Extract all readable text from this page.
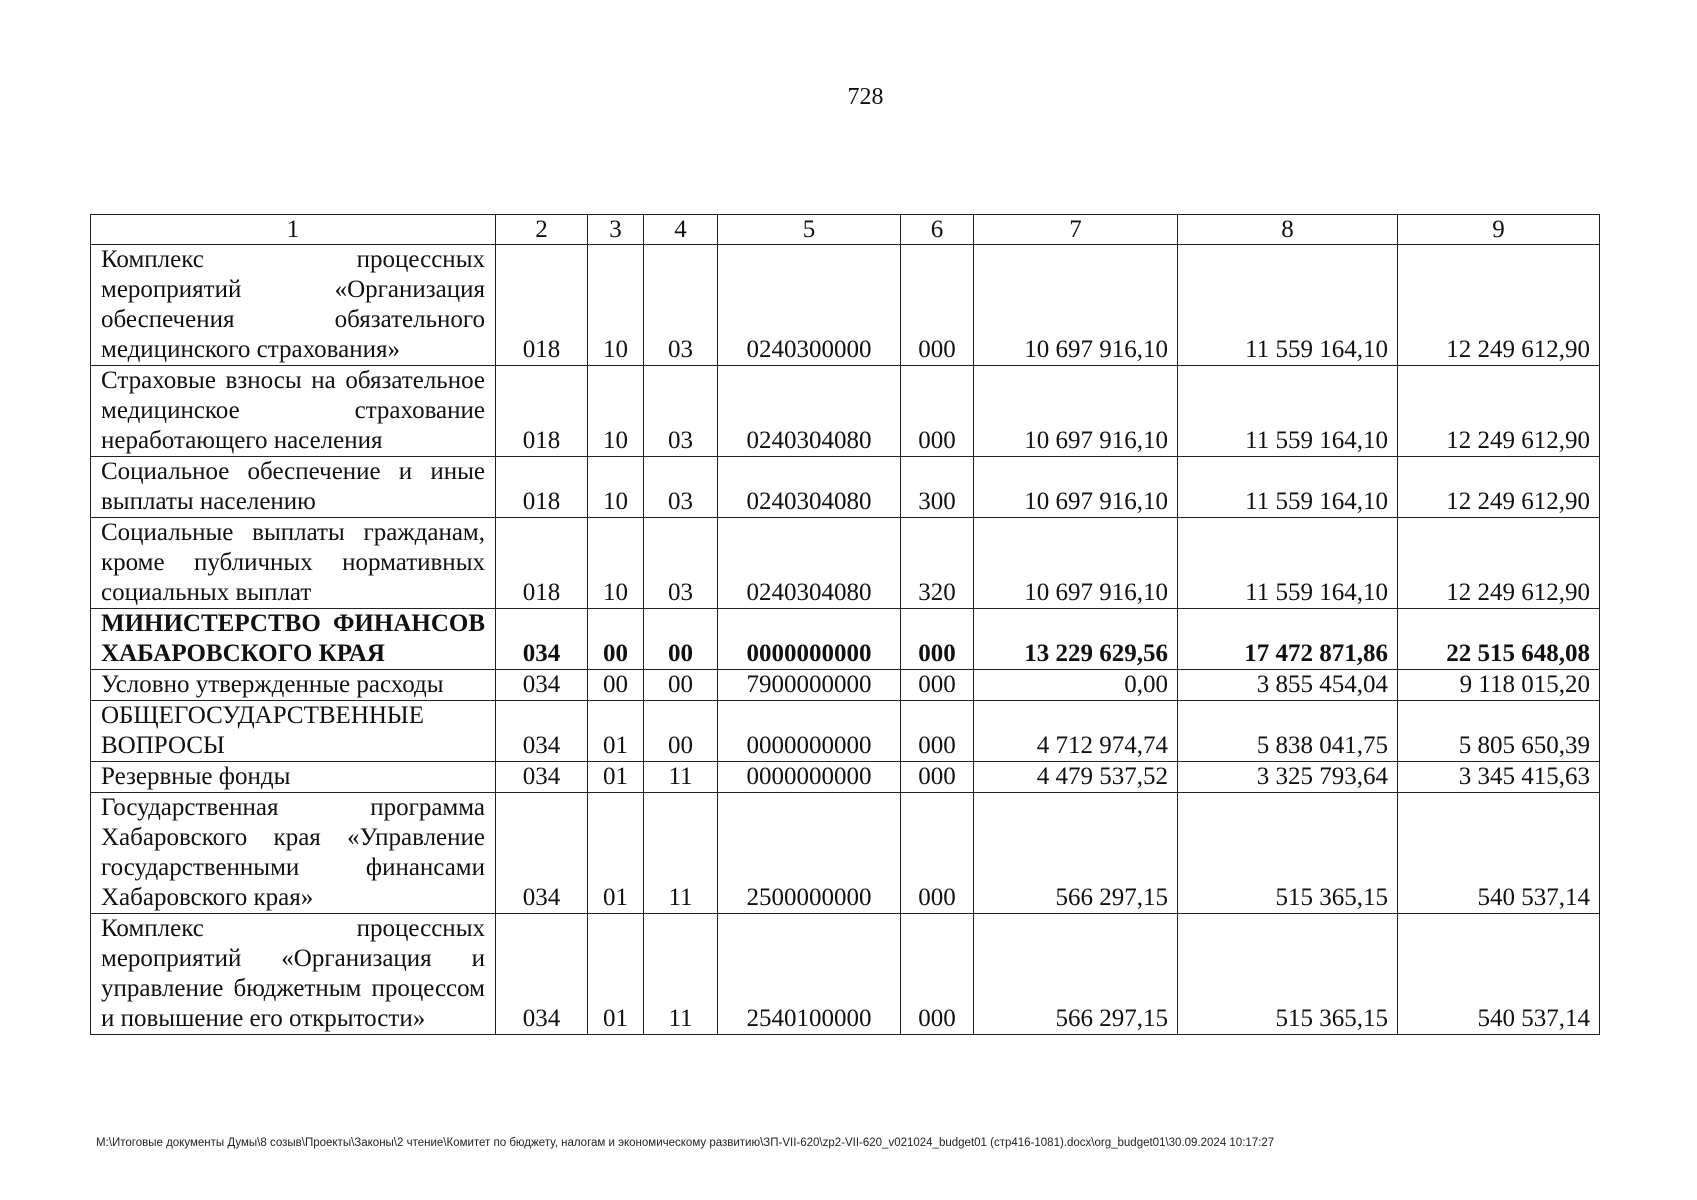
728
1	2	3	4	5	6	7	8	9
Комплекс процессных мероприятий «Организация обеспечения обязательного медицинского страхования»	018	10	03	0240300000	000	10 697 916,10	11 559 164,10	12 249 612,90
Страховые взносы на обязательное медицинское страхование неработающего населения	018	10	03	0240304080	000	10 697 916,10	11 559 164,10	12 249 612,90
Социальное обеспечение и иные выплаты населению	018	10	03	0240304080	300	10 697 916,10	11 559 164,10	12 249 612,90
Социальные выплаты гражданам, кроме публичных нормативных социальных выплат	018	10	03	0240304080	320	10 697 916,10	11 559 164,10	12 249 612,90
МИНИСТЕРСТВО ФИНАНСОВ ХАБАРОВСКОГО КРАЯ	034	00	00	0000000000	000	13 229 629,56	17 472 871,86	22 515 648,08
Условно утвержденные расходы	034	00	00	7900000000	000	0,00	3 855 454,04	9 118 015,20
ОБЩЕГОСУДАРСТВЕННЫЕ ВОПРОСЫ	034	01	00	0000000000	000	4 712 974,74	5 838 041,75	5 805 650,39
Резервные фонды	034	01	11	0000000000	000	4 479 537,52	3 325 793,64	3 345 415,63
Государственная программа Хабаровского края «Управление государственными финансами Хабаровского края»	034	01	11	2500000000	000	566 297,15	515 365,15	540 537,14
Комплекс процессных мероприятий «Организация и управление бюджетным процессом и повышение его открытости»	034	01	11	2540100000	000	566 297,15	515 365,15	540 537,14
M:\Итоговые документы Думы\8 созыв\Проекты\Законы\2 чтение\Комитет по бюджету, налогам и экономическому развитию\ЗП-VII-620\zp2-VII-620_v021024_budget01 (стр416-1081).docx\org_budget01\30.09.2024 10:17:27
